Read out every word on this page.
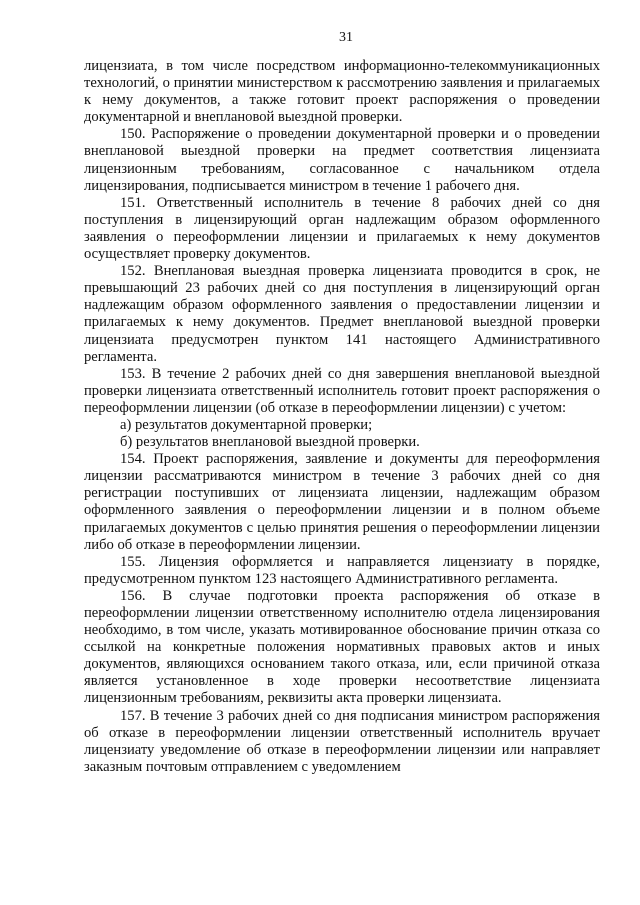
31

лицензиата, в том числе посредством информационно-телекоммуникационных технологий, о принятии министерством к рассмотрению заявления и прилагаемых к нему документов, а также готовит проект распоряжения о проведении документарной и внеплановой выездной проверки.

150. Распоряжение о проведении документарной проверки и о проведении внеплановой выездной проверки на предмет соответствия лицензиата лицензионным требованиям, согласованное с начальником отдела лицензирования, подписывается министром в течение 1 рабочего дня.

151. Ответственный исполнитель в течение 8 рабочих дней со дня поступления в лицензирующий орган надлежащим образом оформленного заявления о переоформлении лицензии и прилагаемых к нему документов осуществляет проверку документов.

152. Внеплановая выездная проверка лицензиата проводится в срок, не превышающий 23 рабочих дней со дня поступления в лицензирующий орган надлежащим образом оформленного заявления о предоставлении лицензии и прилагаемых к нему документов. Предмет внеплановой выездной проверки лицензиата предусмотрен пунктом 141 настоящего Административного регламента.

153. В течение 2 рабочих дней со дня завершения внеплановой выездной проверки лицензиата ответственный исполнитель готовит проект распоряжения о переоформлении лицензии (об отказе в переоформлении лицензии) с учетом:

а) результатов документарной проверки;

б) результатов внеплановой выездной проверки.

154. Проект распоряжения, заявление и документы для переоформления лицензии рассматриваются министром в течение 3 рабочих дней со дня регистрации поступивших от лицензиата лицензии, надлежащим образом оформленного заявления о переоформлении лицензии и в полном объеме прилагаемых документов с целью принятия решения о переоформлении лицензии либо об отказе в переоформлении лицензии.

155. Лицензия оформляется и направляется лицензиату в порядке, предусмотренном пунктом 123 настоящего Административного регламента.

156. В случае подготовки проекта распоряжения об отказе в переоформлении лицензии ответственному исполнителю отдела лицензирования необходимо, в том числе, указать мотивированное обоснование причин отказа со ссылкой на конкретные положения нормативных правовых актов и иных документов, являющихся основанием такого отказа, или, если причиной отказа является установленное в ходе проверки несоответствие лицензиата лицензионным требованиям, реквизиты акта проверки лицензиата.

157. В течение 3 рабочих дней со дня подписания министром распоряжения об отказе в переоформлении лицензии ответственный исполнитель вручает лицензиату уведомление об отказе в переоформлении лицензии или направляет заказным почтовым отправлением с уведомлением
